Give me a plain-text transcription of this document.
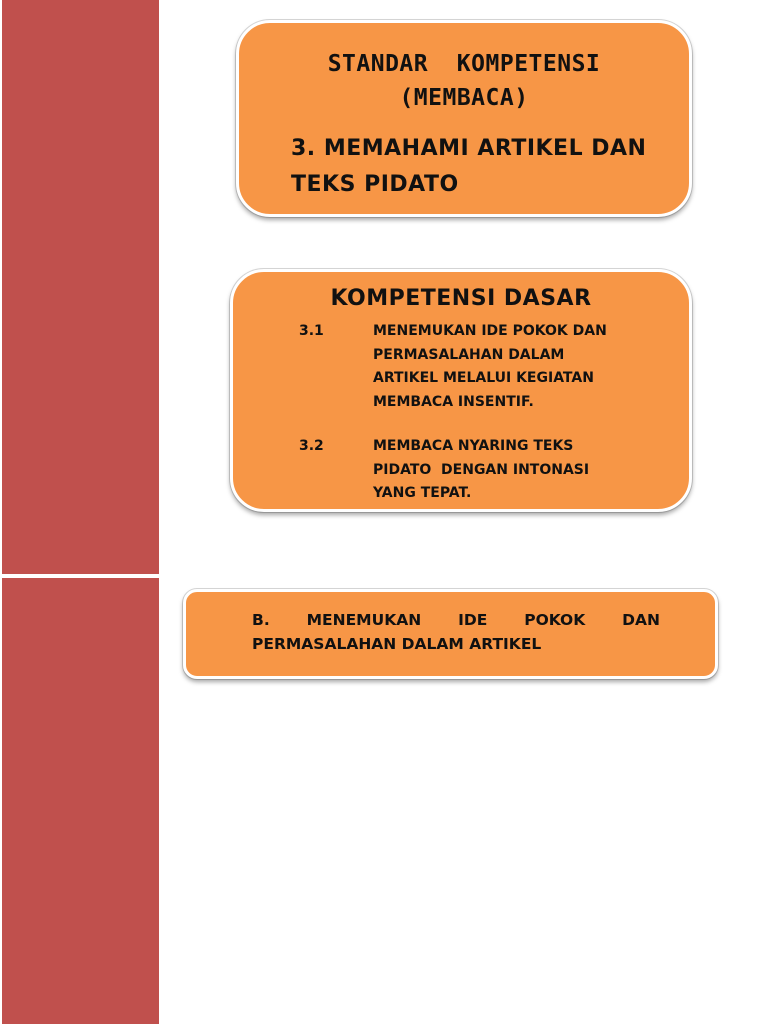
STANDAR  KOMPETENSI
(MEMBACA)
3. MEMAHAMI ARTIKEL DAN TEKS PIDATO
KOMPETENSI DASAR
3.1	MENEMUKAN IDE POKOK DAN PERMASALAHAN DALAM ARTIKEL MELALUI KEGIATAN MEMBACA INSENTIF.
3.2	MEMBACA NYARING TEKS PIDATO  DENGAN INTONASI YANG TEPAT.
B. MENEMUKAN IDE POKOK DAN PERMASALAHAN DALAM ARTIKEL
